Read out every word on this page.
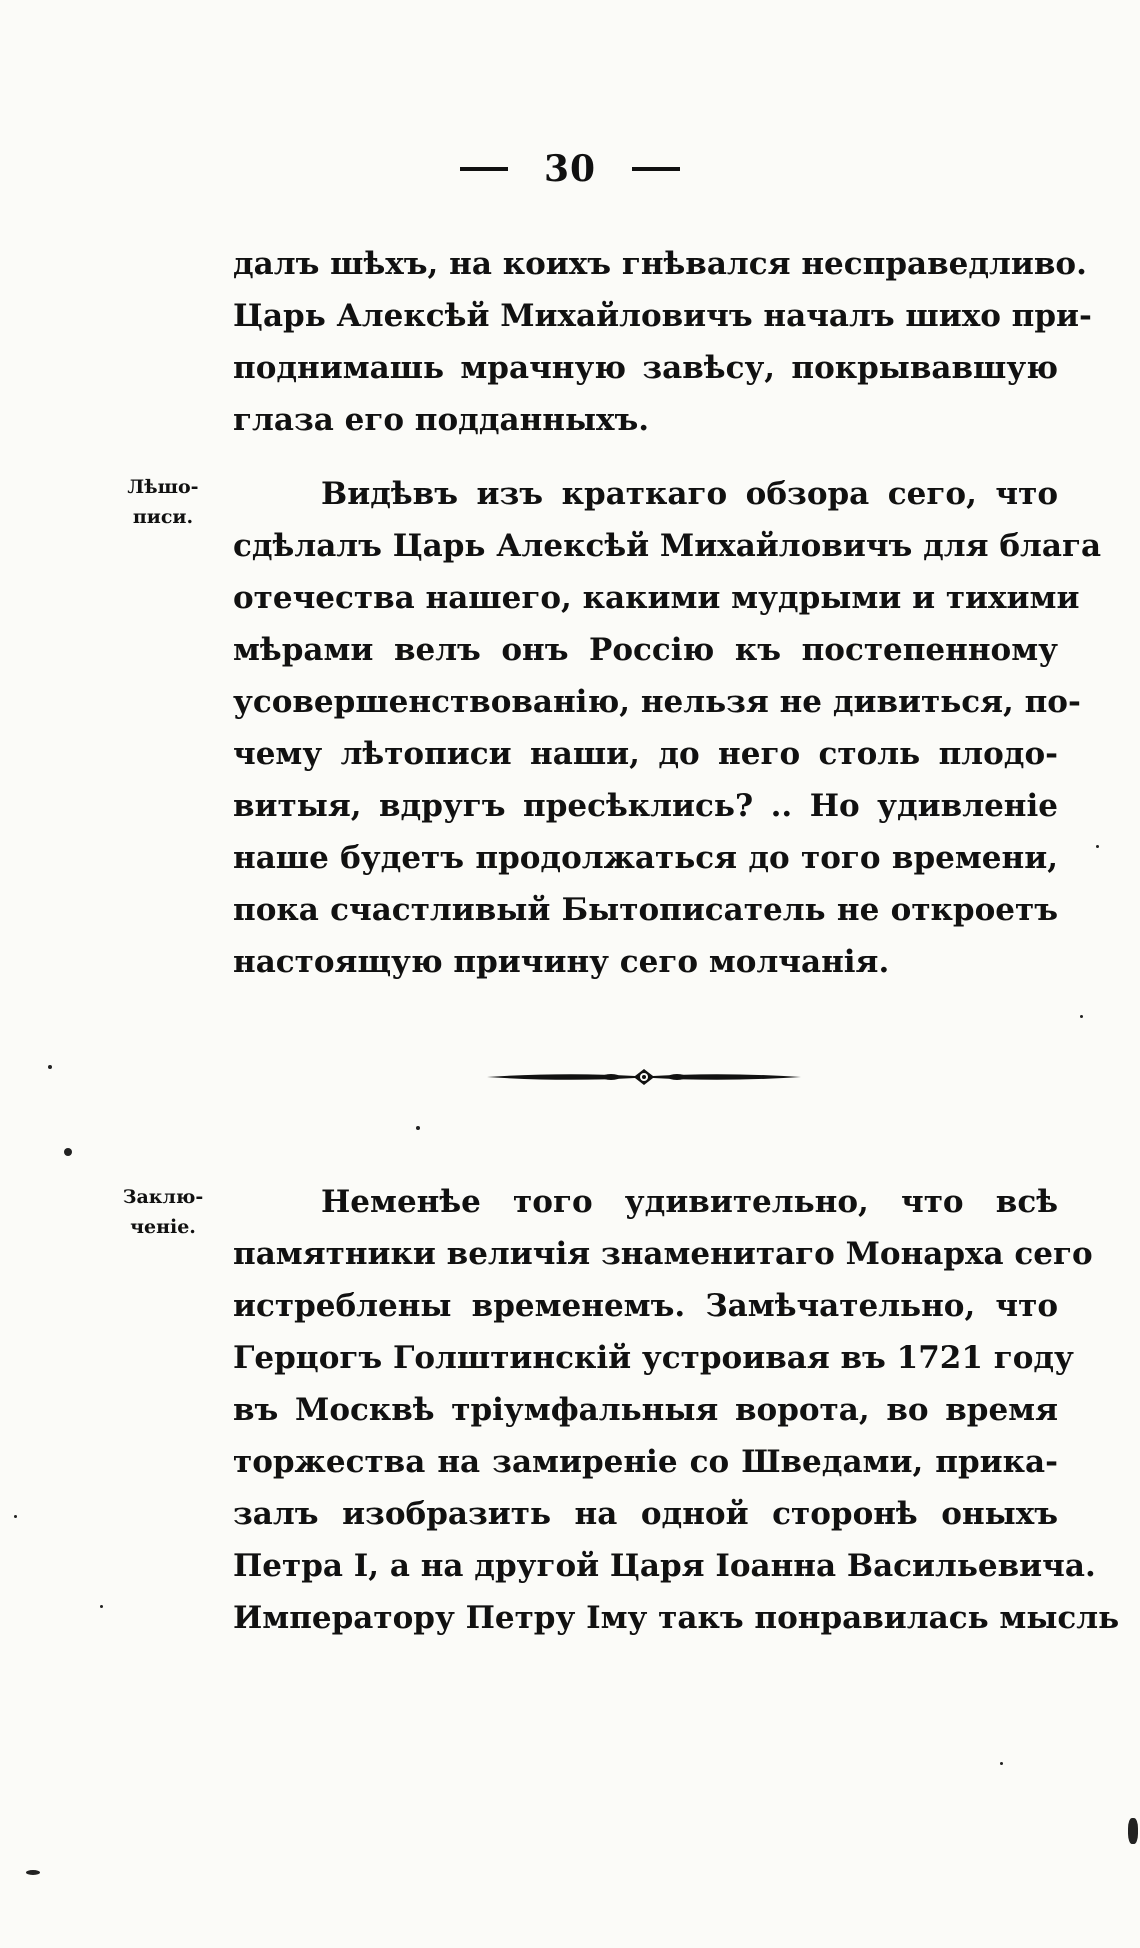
30
далъ шѣхъ, на коихъ гнѣвался несправедливо.
Царь Алексѣй Михайловичъ началъ шихо при-
поднимашь мрачную завѣсу, покрывавшую
глаза его подданныхъ.
Лѣшо-
писи.
Видѣвъ изъ краткаго обзора сего, что
сдѣлалъ Царь Алексѣй Михайловичъ для блага
отечества нашего, какими мудрыми и тихими
мѣрами велъ онъ Россію къ постепенному
усовершенствованію, нельзя не дивиться, по-
чему лѣтописи наши, до него столь плодо-
витыя, вдругъ пресѣклись? .. Но удивленіе
наше будетъ продолжаться до того времени,
пока счастливый Бытописатель не откроетъ
настоящую причину сего молчанія.
Заклю-
ченіе.
Неменѣе того удивительно, что всѣ
памятники величія знаменитаго Монарха сего
истреблены временемъ. Замѣчательно, что
Герцогъ Голштинскій устроивая въ 1721 году
въ Москвѣ тріумфальныя ворота, во время
торжества на замиреніе со Шведами, прика-
залъ изобразить на одной сторонѣ оныхъ
Петра I, а на другой Царя Іоанна Васильевича.
Императору Петру Iму такъ понравилась мысль
